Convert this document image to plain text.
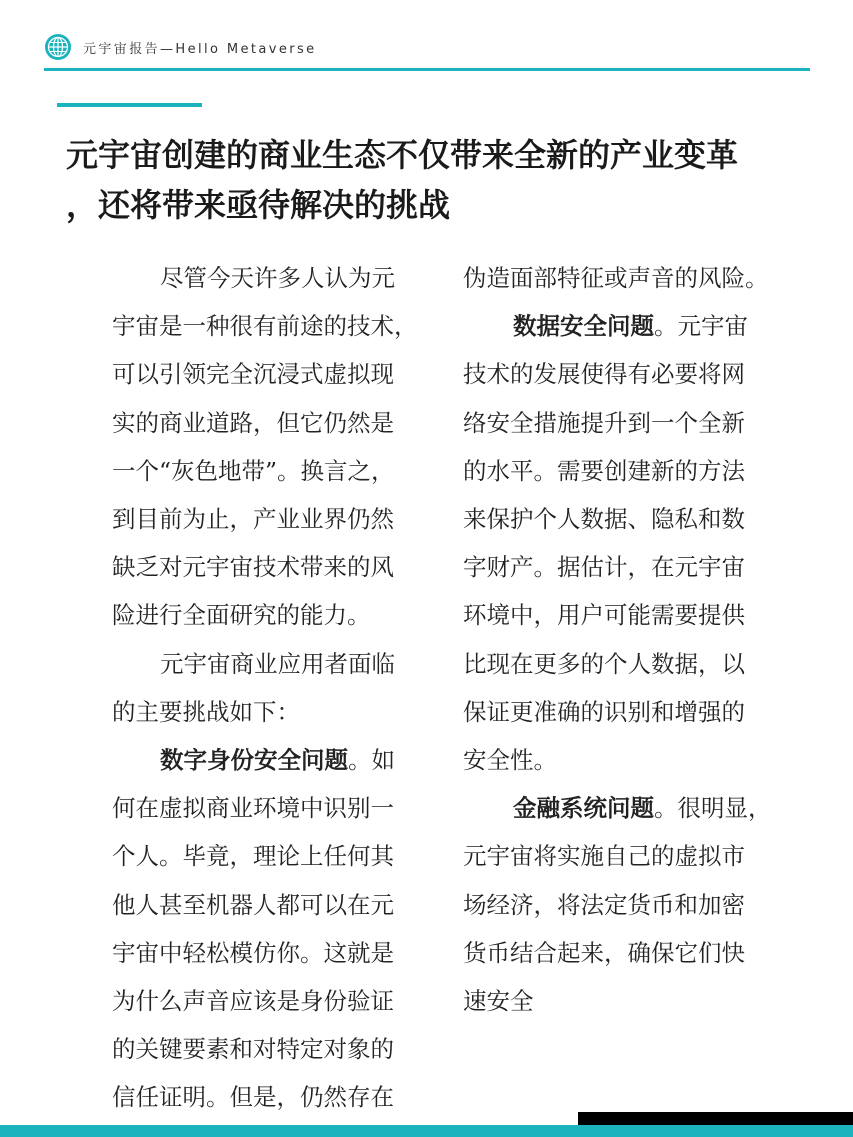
元宇宙报告—Hello Metaverse
元宇宙创建的商业生态不仅带来全新的产业变革
，还将带来亟待解决的挑战

尽管今天许多人认为元
宇宙是一种很有前途的技术，
可以引领完全沉浸式虚拟现
实的商业道路，但它仍然是
一个“灰色地带”。换言之，
到目前为止，产业业界仍然
缺乏对元宇宙技术带来的风
险进行全面研究的能力。

元宇宙商业应用者面临
的主要挑战如下：

数字身份安全问题。如
何在虚拟商业环境中识别一
个人。毕竟，理论上任何其
他人甚至机器人都可以在元
宇宙中轻松模仿你。这就是
为什么声音应该是身份验证
的关键要素和对特定对象的
信任证明。但是，仍然存在

伪造面部特征或声音的风险。

数据安全问题。元宇宙
技术的发展使得有必要将网
络安全措施提升到一个全新
的水平。需要创建新的方法
来保护个人数据、隐私和数
字财产。据估计，在元宇宙
环境中，用户可能需要提供
比现在更多的个人数据，以
保证更准确的识别和增强的
安全性。

金融系统问题。很明显，
元宇宙将实施自己的虚拟市
场经济，将法定货币和加密
货币结合起来，确保它们快
速安全
